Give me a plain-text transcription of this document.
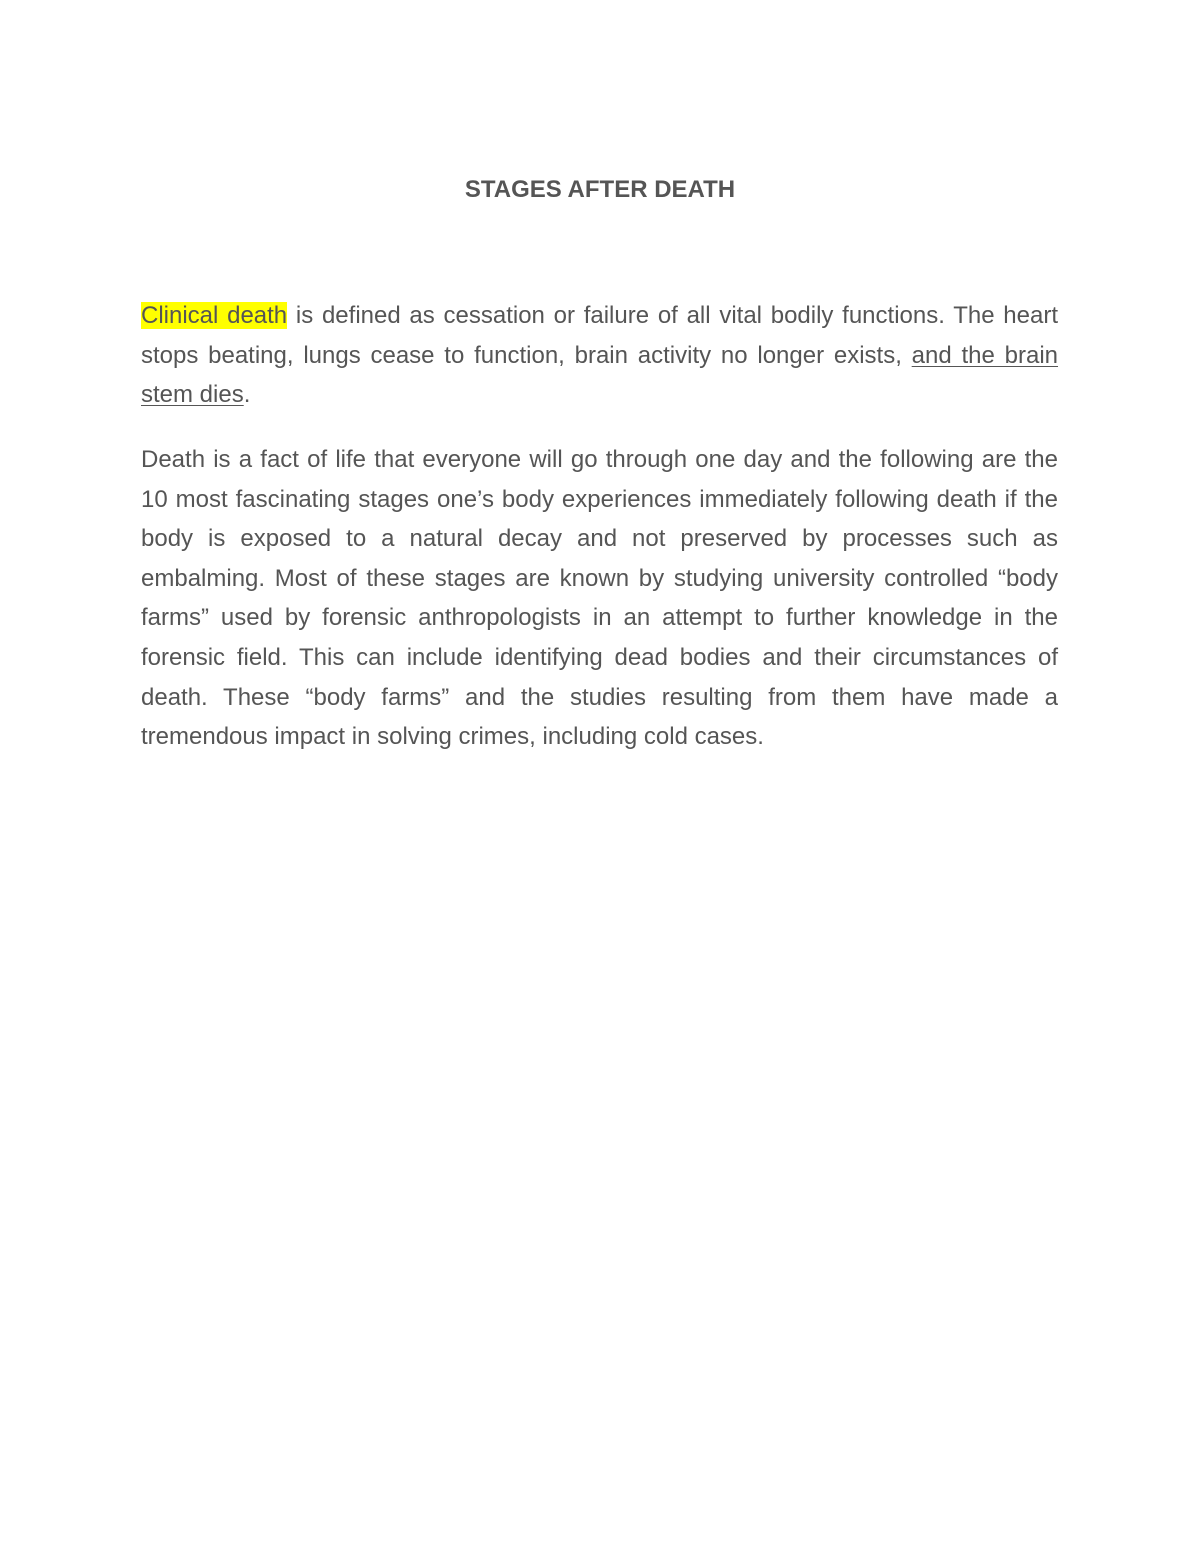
STAGES AFTER DEATH

Clinical death is defined as cessation or failure of all vital bodily functions. The heart stops beating, lungs cease to function, brain activity no longer exists, and the brain stem dies.

Death is a fact of life that everyone will go through one day and the following are the 10 most fascinating stages one’s body experiences immediately following death if the body is exposed to a natural decay and not preserved by processes such as embalming. Most of these stages are known by studying university controlled “body farms” used by forensic anthropologists in an attempt to further knowledge in the forensic field. This can include identifying dead bodies and their circumstances of death. These “body farms” and the studies resulting from them have made a tremendous impact in solving crimes, including cold cases.
